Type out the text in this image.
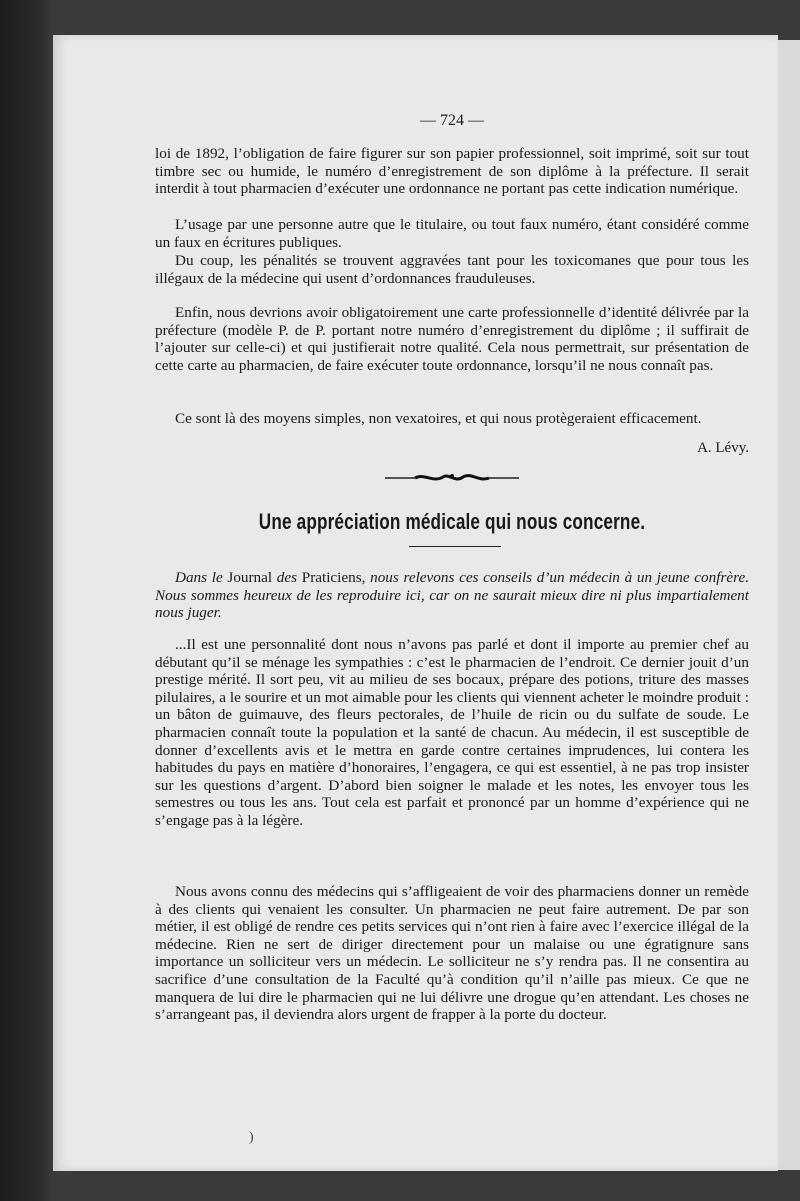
— 724 —

loi de 1892, l’obligation de faire figurer sur son papier professionnel, soit imprimé, soit sur tout timbre sec ou humide, le numéro d’enregistrement de son diplôme à la préfecture. Il serait interdit à tout pharmacien d’exécuter une ordonnance ne portant pas cette indication numérique.

L’usage par une personne autre que le titulaire, ou tout faux numéro, étant considéré comme un faux en écritures publiques.

Du coup, les pénalités se trouvent aggravées tant pour les toxicomanes que pour tous les illégaux de la médecine qui usent d’ordonnances frauduleuses.

Enfin, nous devrions avoir obligatoirement une carte professionnelle d’identité délivrée par la préfecture (modèle P. de P. portant notre numéro d’enregistrement du diplôme ; il suffirait de l’ajouter sur celle-ci) et qui justifierait notre qualité. Cela nous permettrait, sur présentation de cette carte au pharmacien, de faire exécuter toute ordonnance, lorsqu’il ne nous connaît pas.

Ce sont là des moyens simples, non vexatoires, et qui nous protègeraient efficacement.

A. Lévy.
Une appréciation médicale qui nous concerne.

Dans le Journal des Praticiens, nous relevons ces conseils d’un médecin à un jeune confrère. Nous sommes heureux de les reproduire ici, car on ne saurait mieux dire ni plus impartialement nous juger.

...Il est une personnalité dont nous n’avons pas parlé et dont il importe au premier chef au débutant qu’il se ménage les sympathies : c’est le pharmacien de l’endroit. Ce dernier jouit d’un prestige mérité. Il sort peu, vit au milieu de ses bocaux, prépare des potions, triture des masses pilulaires, a le sourire et un mot aimable pour les clients qui viennent acheter le moindre produit : un bâton de guimauve, des fleurs pectorales, de l’huile de ricin ou du sulfate de soude. Le pharmacien connaît toute la population et la santé de chacun. Au médecin, il est susceptible de donner d’excellents avis et le mettra en garde contre certaines imprudences, lui contera les habitudes du pays en matière d’honoraires, l’engagera, ce qui est essentiel, à ne pas trop insister sur les questions d’argent. D’abord bien soigner le malade et les notes, les envoyer tous les semestres ou tous les ans. Tout cela est parfait et prononcé par un homme d’expérience qui ne s’engage pas à la légère.

Nous avons connu des médecins qui s’affligeaient de voir des pharmaciens donner un remède à des clients qui venaient les consulter. Un pharmacien ne peut faire autrement. De par son métier, il est obligé de rendre ces petits services qui n’ont rien à faire avec l’exercice illégal de la médecine. Rien ne sert de diriger directement pour un malaise ou une égratignure sans importance un solliciteur vers un médecin. Le solliciteur ne s’y rendra pas. Il ne consentira au sacrifice d’une consultation de la Faculté qu’à condition qu’il n’aille pas mieux. Ce que ne manquera de lui dire le pharmacien qui ne lui délivre une drogue qu’en attendant. Les choses ne s’arrangeant pas, il deviendra alors urgent de frapper à la porte du docteur.

)
